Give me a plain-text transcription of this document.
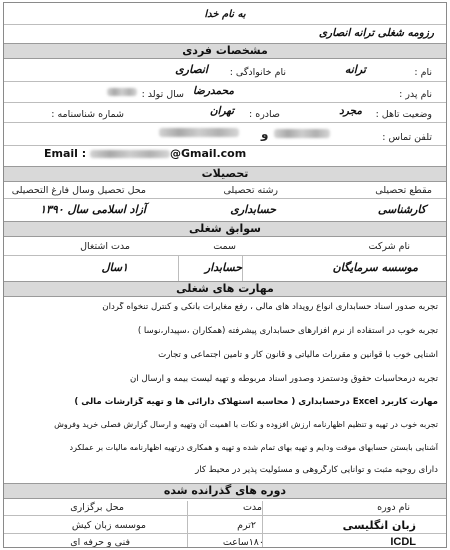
به نام خدا
رزومه شغلی ترانه انصاری
مشخصات فردی
نام :
ترانه
نام خانوادگی :
انصاری
نام پدر :
محمدرضا
سال تولد :
وضعیت تاهل :
مجرد
صادره :
تهران
شماره شناسنامه :
تلفن تماس :
و
Email :	@Gmail.com
تحصیلات
مقطع تحصیلی
رشته تحصیلی
محل تحصیل وسال فارغ التحصیلی
کارشناسی
حسابداری
آزاد اسلامی سال ۱۳۹۰
سوابق شغلی
نام شرکت
سمت
مدت اشتغال
موسسه سرمایگان
حسابدار
۱سال
مهارت های شغلی
تجربه صدور اسناد حسابداری انواع رویداد های مالی ، رفع مغایرات بانکی و کنترل تنخواه گردان
تجربه خوب در استفاده از نرم افزارهای حسابداری پیشرفته (همکاران ،سپیدار،نوسا )
آشنایی خوب با قوانین و مقررات مالیاتی و قانون کار و تامین اجتماعی و تجارت
تجربه درمحاسبات حقوق ودستمزد وصدور اسناد مربوطه و تهیه لیست بیمه و ارسال آن
مهارت کاربرد Excel درحسابداری ( محاسبه استهلاک دارائی ها و تهیه گزارشات مالی )
تجربه خوب در تهیه و تنظیم اظهارنامه ارزش افزوده و نکات با اهمیت آن وتهیه و ارسال گزارش فصلی خرید وفروش
آشنایی بابستن حسابهای موقت ودایم و تهیه بهای تمام شده و تهیه و همکاری درتهیه اظهارنامه مالیات بر عملکرد
دارای روحیه مثبت و توانایی کارگروهی و مسئولیت پذیر در محیط کار
دوره های گذرانده شده
نام دوره
مدت
محل برگزاری
زبان انگلیسی
۲ترم
موسسه زبان کیش
ICDL
۱۸۰ساعت
فنی و حرفه ای
